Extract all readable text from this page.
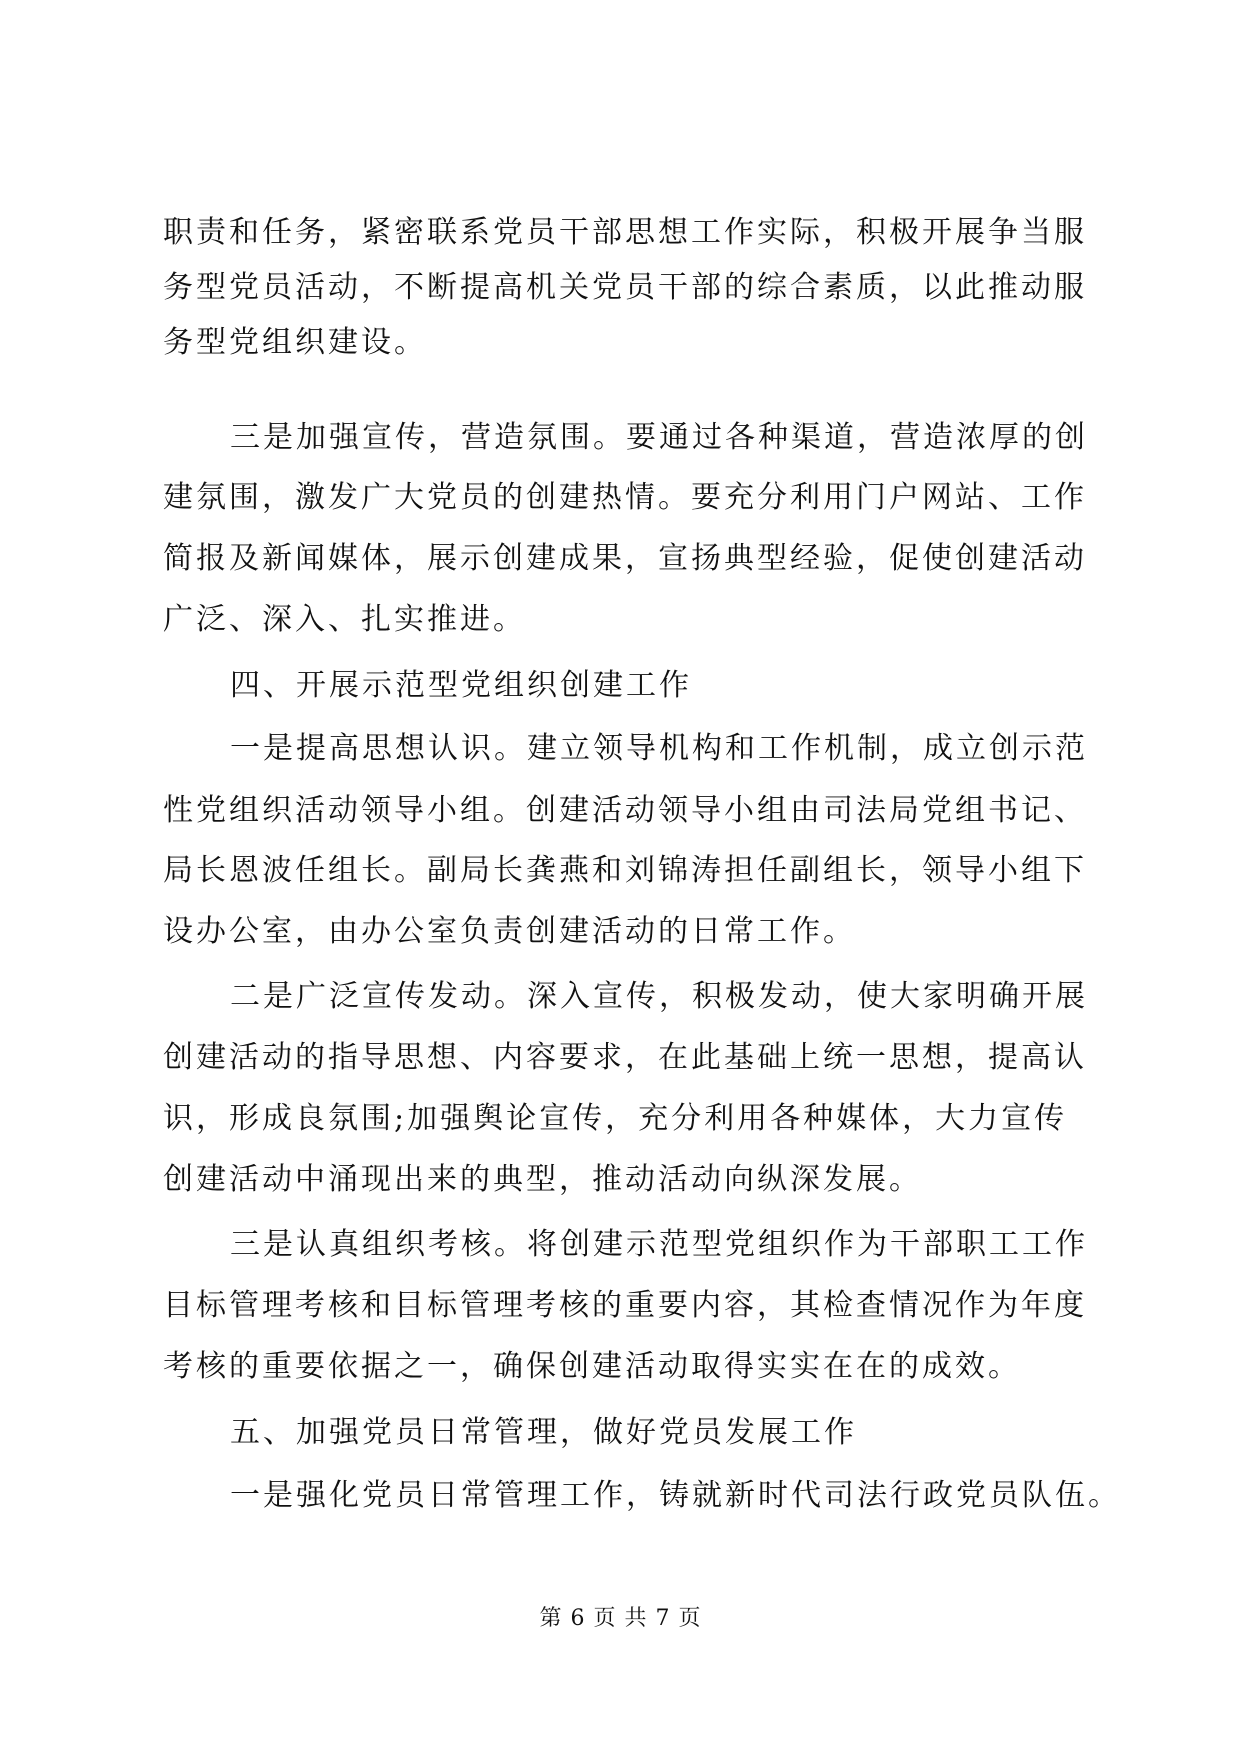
职责和任务，紧密联系党员干部思想工作实际，积极开展争当服
务型党员活动，不断提高机关党员干部的综合素质，以此推动服
务型党组织建设。
三是加强宣传，营造氛围。要通过各种渠道，营造浓厚的创
建氛围，激发广大党员的创建热情。要充分利用门户网站、工作
简报及新闻媒体，展示创建成果，宣扬典型经验，促使创建活动
广泛、深入、扎实推进。
四、开展示范型党组织创建工作
一是提高思想认识。建立领导机构和工作机制，成立创示范
性党组织活动领导小组。创建活动领导小组由司法局党组书记、
局长恩波任组长。副局长龚燕和刘锦涛担任副组长，领导小组下
设办公室，由办公室负责创建活动的日常工作。
二是广泛宣传发动。深入宣传，积极发动，使大家明确开展
创建活动的指导思想、内容要求，在此基础上统一思想，提高认
识，形成良氛围;加强舆论宣传，充分利用各种媒体，大力宣传
创建活动中涌现出来的典型，推动活动向纵深发展。
三是认真组织考核。将创建示范型党组织作为干部职工工作
目标管理考核和目标管理考核的重要内容，其检查情况作为年度
考核的重要依据之一，确保创建活动取得实实在在的成效。
五、加强党员日常管理，做好党员发展工作
一是强化党员日常管理工作，铸就新时代司法行政党员队伍。
第 6 页 共 7 页
